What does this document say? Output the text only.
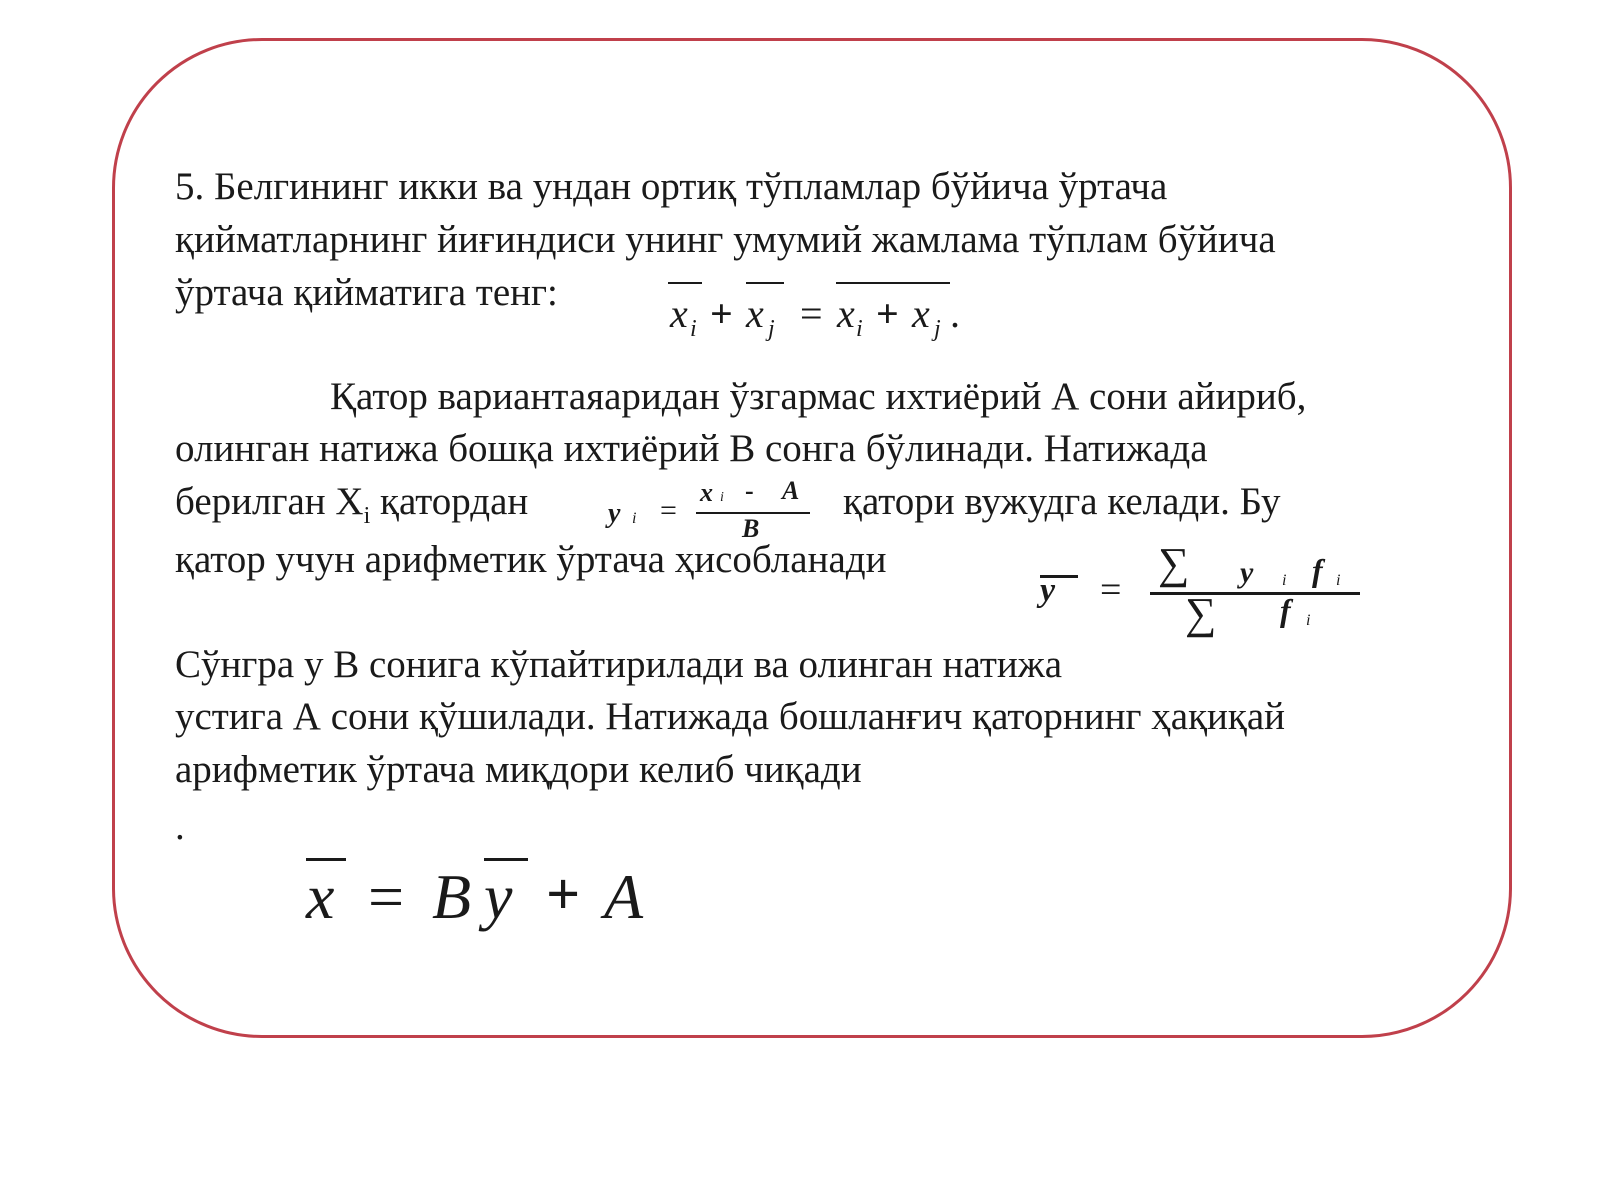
5. Белгининг икки ва ундан ортиқ тўпламлар бўйича ўртача
қийматларнинг йиғиндиси унинг умумий жамлама тўплам бўйича
ўртача қийматига тенг:	x i + x j = x i + x j .
Қатор вариантаяаридан ўзгармас ихтиёрий А сони айириб,
олинган натижа бошқа ихтиёрий В сонга бўлинади. Натижада
берилган $X_i$ қатордан	қатори вужудга келади. Бу
қатор учун арифметик ўртача ҳисобланади
y i =
x i - A
B
y =
∑ y i f i
∑ f i
Сўнгра y В сонига кўпайтирилади ва олинган натижа
устига А сони қўшилади. Натижада бошланғич қаторнинг ҳақиқай
арифметик ўртача миқдори келиб чиқади
.
x = B y + A
